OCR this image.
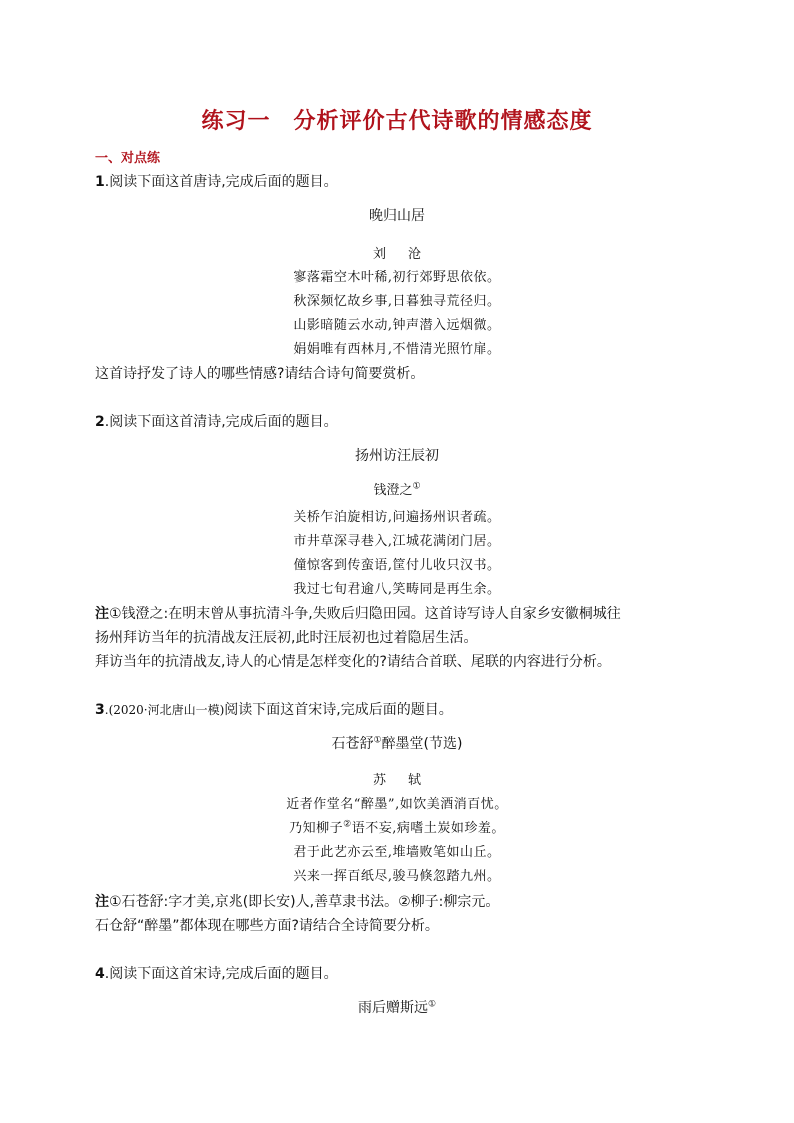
练习一　分析评价古代诗歌的情感态度
一、对点练
1.阅读下面这首唐诗,完成后面的题目。
晚归山居
刘 沧
寥落霜空木叶稀,初行郊野思依依。
秋深频忆故乡事,日暮独寻荒径归。
山影暗随云水动,钟声潜入远烟微。
娟娟唯有西林月,不惜清光照竹扉。
这首诗抒发了诗人的哪些情感?请结合诗句简要赏析。
2.阅读下面这首清诗,完成后面的题目。
扬州访汪辰初
钱澄之①
关桥乍泊旋相访,问遍扬州识者疏。
市井草深寻巷入,江城花满闭门居。
僮惊客到传蛮语,筐付儿收只汉书。
我过七旬君逾八,笑畴同是再生余。
注①钱澄之:在明末曾从事抗清斗争,失败后归隐田园。这首诗写诗人自家乡安徽桐城往
扬州拜访当年的抗清战友汪辰初,此时汪辰初也过着隐居生活。
拜访当年的抗清战友,诗人的心情是怎样变化的?请结合首联、尾联的内容进行分析。
3.(2020·河北唐山一模)阅读下面这首宋诗,完成后面的题目。
石苍舒①醉墨堂(节选)
苏 轼
近者作堂名“醉墨”,如饮美酒消百忧。
乃知柳子②语不妄,病嗜土炭如珍羞。
君于此艺亦云至,堆墙败笔如山丘。
兴来一挥百纸尽,骏马倏忽踏九州。
注①石苍舒:字才美,京兆(即长安)人,善草隶书法。②柳子:柳宗元。
石仓舒“醉墨”都体现在哪些方面?请结合全诗简要分析。
4.阅读下面这首宋诗,完成后面的题目。
雨后赠斯远①
